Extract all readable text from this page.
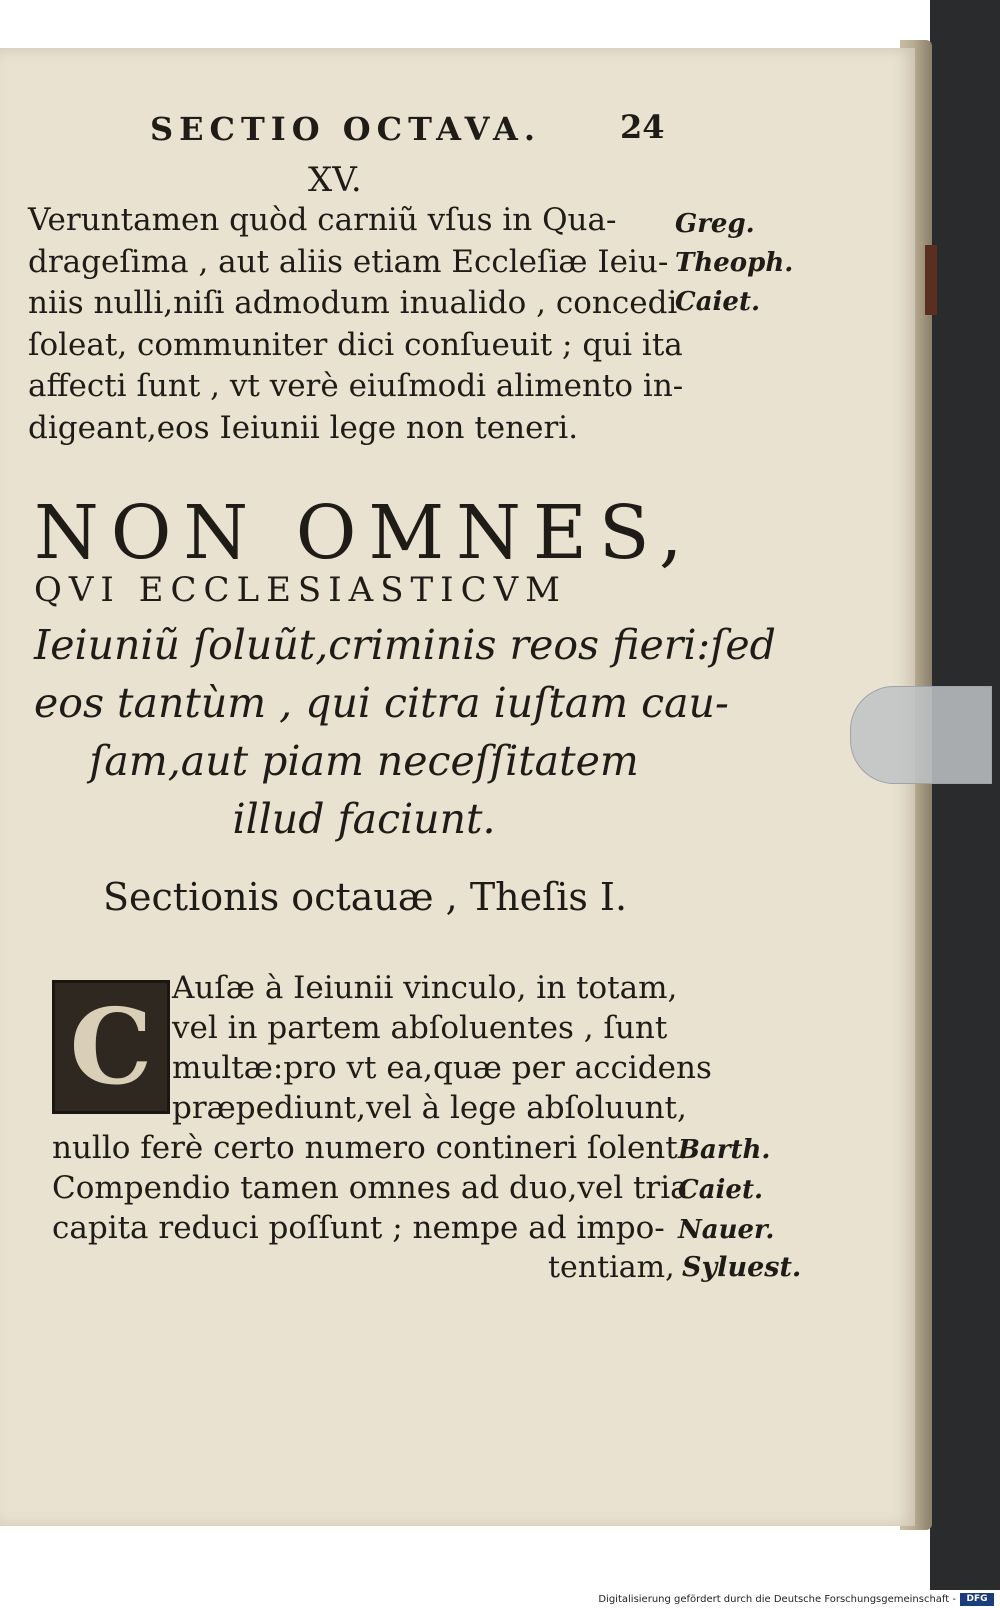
SECTIO OCTAVA.	24
XV.
Veruntamen quòd carniũ vſus in Qua-
drageſima , aut aliis etiam Eccleſiæ Ieiu-
niis nulli,niſi admodum inualido , concedi
ſoleat, communiter dici conſueuit ; qui ita
affecti ſunt , vt verè eiuſmodi alimento in-
digeant,eos Ieiunii lege non teneri.
Greg.
Theoph.
Caiet.
NON OMNES,
QVI ECCLESIASTICVM
Ieiuniũ ſoluũt,criminis reos fieri:ſed
eos tantùm , qui citra iuſtam cau-
ſam,aut piam neceſſitatem
illud faciunt.
Sectionis octauæ , Theſis I.
Auſæ à Ieiunii vinculo, in totam,
vel in partem abſoluentes , ſunt
multæ:pro vt ea,quæ per accidens
præpediunt,vel à lege abſoluunt,
nullo ferè certo numero contineri ſolent.
Compendio tamen omnes ad duo,vel tria
capita reduci poſſunt ; nempe ad impo-
C
Barth.
Caiet.
Nauer.
tentiam, Syluest.
Digitalisierung gefördert durch die Deutsche Forschungsgemeinschaft -	DFG
